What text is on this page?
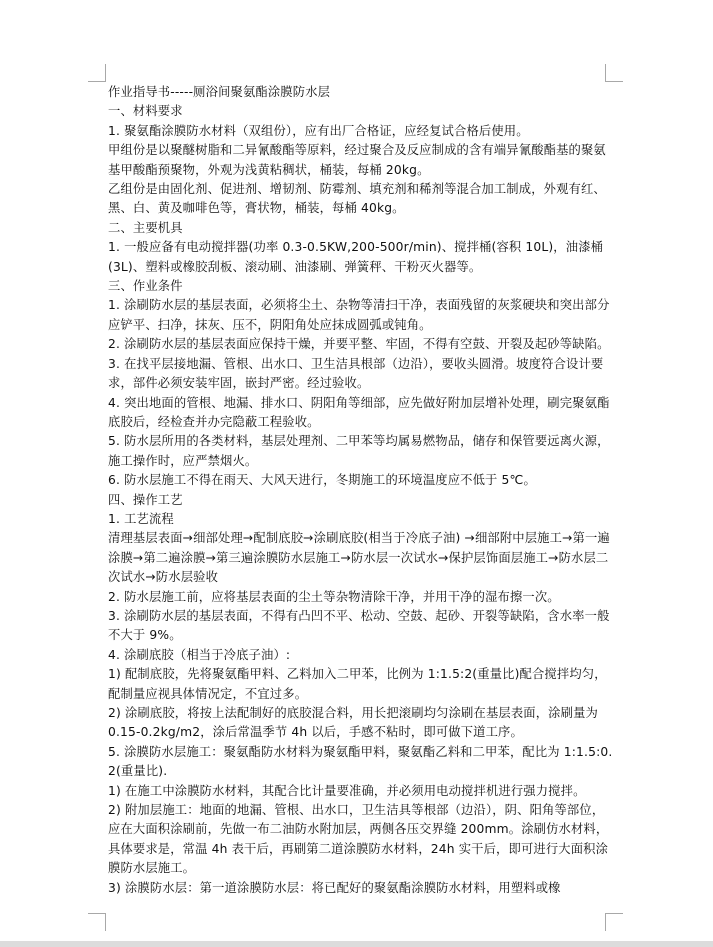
作业指导书-----厕浴间聚氨酯涂膜防水层

一、材料要求

1. 聚氨酯涂膜防水材料（双组份），应有出厂合格证，应经复试合格后使用。

甲组份是以聚醚树脂和二异氰酸酯等原料，经过聚合及反应制成的含有端异氰酸酯基的聚氨基甲酸酯预聚物，外观为浅黄粘稠状，桶装，每桶 20kg。

乙组份是由固化剂、促进剂、增韧剂、防霉剂、填充剂和稀剂等混合加工制成，外观有红、黑、白、黄及咖啡色等，膏状物，桶装，每桶 40kg。

二、主要机具

1. 一般应备有电动搅拌器(功率 0.3-0.5KW,200-500r/min)、搅拌桶(容积 10L)，油漆桶(3L)、塑料或橡胶刮板、滚动刷、油漆刷、弹簧秤、干粉灭火器等。

三、作业条件

1. 涂刷防水层的基层表面，必须将尘土、杂物等清扫干净，表面残留的灰浆硬块和突出部分应铲平、扫净，抹灰、压不，阴阳角处应抹成圆弧或钝角。

2. 涂刷防水层的基层表面应保持干燥，并要平整、牢固，不得有空鼓、开裂及起砂等缺陷。

3. 在找平层接地漏、管根、出水口、卫生洁具根部（边沿），要收头圆滑。坡度符合设计要求，部件必须安装牢固，嵌封严密。经过验收。

4. 突出地面的管根、地漏、排水口、阴阳角等细部，应先做好附加层增补处理，刷完聚氨酯底胶后，经检查并办完隐蔽工程验收。

5. 防水层所用的各类材料，基层处理剂、二甲苯等均属易燃物品，储存和保管要远离火源，施工操作时，应严禁烟火。

6. 防水层施工不得在雨天、大风天进行，冬期施工的环境温度应不低于 5℃。

四、操作工艺

1. 工艺流程

清理基层表面→细部处理→配制底胶→涂刷底胶(相当于冷底子油) →细部附中层施工→第一遍涂膜→第二遍涂膜→第三遍涂膜防水层施工→防水层一次试水→保护层饰面层施工→防水层二次试水→防水层验收

2. 防水层施工前，应将基层表面的尘土等杂物清除干净，并用干净的湿布擦一次。

3. 涂刷防水层的基层表面，不得有凸凹不平、松动、空鼓、起砂、开裂等缺陷，含水率一般不大于 9%。

4. 涂刷底胶（相当于冷底子油）:

1) 配制底胶，先将聚氨酯甲料、乙料加入二甲苯，比例为 1:1.5:2(重量比)配合搅拌均匀，配制量应视具体情况定，不宜过多。

2) 涂刷底胶，将按上法配制好的底胶混合料，用长把滚刷均匀涂刷在基层表面，涂刷量为 0.15-0.2kg/m2，涂后常温季节 4h 以后，手感不粘时，即可做下道工序。

5. 涂膜防水层施工：聚氨酯防水材料为聚氨酯甲料，聚氨酯乙料和二甲苯，配比为 1:1.5:0.2(重量比).

1) 在施工中涂膜防水材料，其配合比计量要准确，并必须用电动搅拌机进行强力搅拌。

2) 附加层施工：地面的地漏、管根、出水口，卫生洁具等根部（边沿），阴、阳角等部位，应在大面积涂刷前，先做一布二油防水附加层，两侧各压交界缝 200mm。涂刷仿水材料，具体要求是，常温 4h 表干后，再刷第二道涂膜防水材料，24h 实干后，即可进行大面积涂膜防水层施工。

3) 涂膜防水层：第一道涂膜防水层：将已配好的聚氨酯涂膜防水材料，用塑料或橡
